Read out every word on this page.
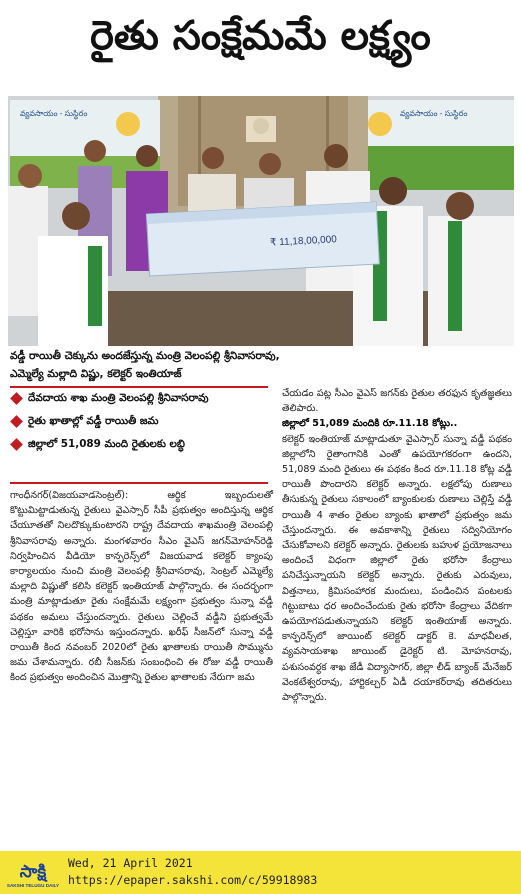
రైతు సంక్షేమమే లక్ష్యం
వ్యవసాయం - సుస్థిరం	వ్యవసాయం - సుస్థిరం
₹ 11,18,00,000
వడ్డీ రాయితీ చెక్కును అందజేస్తున్న మంత్రి వెలంపల్లి శ్రీనివాసరావు,
ఎమ్మెల్యే మల్లాది విష్ణు, కలెక్టర్ ఇంతియాజ్
దేవదాయ శాఖ మంత్రి వెలంపల్లి శ్రీనివాసరావు
రైతు ఖాతాల్లో వడ్డీ రాయితీ జమ
జిల్లాలో 51,089 మంది రైతులకు లబ్ధి

గాంధీనగర్(విజయవాడసెంట్రల్): ఆర్థిక ఇబ్బందులతో కొట్టుమిట్టాడుతున్న రైతులు వైఎస్సార్ సీపీ ప్రభుత్వం అందిస్తున్న ఆర్థిక చేయూతతో నిలదొక్కుకుంటారని రాష్ట్ర దేవదాయ శాఖమంత్రి వెలంపల్లి శ్రీనివాసరావు అన్నారు. మంగళవారం సీఎం వైఎస్ జగన్‌మోహన్‌రెడ్డి నిర్వహించిన వీడియో కాన్ఫరెన్స్‌లో విజయవాడ కలెక్టర్ క్యాంపు కార్యాలయం నుంచి మంత్రి వెలంపల్లి శ్రీనివాసరావు, సెంట్రల్ ఎమ్మెల్యే మల్లాది విష్ణుతో కలిసి కలెక్టర్ ఇంతియాజ్ పాల్గొన్నారు. ఈ సందర్భంగా మంత్రి మాట్లాడుతూ రైతు సంక్షేమమే లక్ష్యంగా ప్రభుత్వం సున్నా వడ్డీ పథకం అమలు చేస్తుందన్నారు. రైతులు చెల్లించే వడ్డీని ప్రభుత్వమే చెల్లిస్తూ వారికి భరోసాను ఇస్తుందన్నారు. ఖరీఫ్ సీజన్‌లో సున్నా వడ్డీ రాయితీ కింద నవంబర్ 2020లో రైతు ఖాతాలకు రాయితీ సొమ్మును జమ చేశామన్నారు. రబీ సీజన్‌కు సంబంధించి ఈ రోజు వడ్డీ రాయితీ కింద ప్రభుత్వం అందించిన మొత్తాన్ని రైతుల ఖాతాలకు నేరుగా జమ

చేయడం పట్ల సీఎం వైఎస్ జగన్‌కు రైతుల తరఫున కృతజ్ఞతలు తెలిపారు.

జిల్లాలో 51,089 మందికి రూ.11.18 కోట్లు..

కలెక్టర్ ఇంతియాజ్ మాట్లాడుతూ వైఎస్సార్ సున్నా వడ్డీ పథకం జిల్లాలోని రైతాంగానికి ఎంతో ఉపయోగకరంగా ఉందని, 51,089 మంది రైతులు ఈ పథకం కింద రూ.11.18 కోట్ల వడ్డీ రాయితీ పొందారని కలెక్టర్ అన్నారు. లక్షలోపు రుణాలు తీసుకున్న రైతులు సకాలంలో బ్యాంకులకు రుణాలు చెల్లిస్తే వడ్డీ రాయితీ 4 శాతం రైతుల బ్యాంకు ఖాతాలో ప్రభుత్వం జమ చేస్తుందన్నారు. ఈ అవకాశాన్ని రైతులు సద్వినియోగం చేసుకోవాలని కలెక్టర్ అన్నారు. రైతులకు బహుళ ప్రయోజనాలు అందించే విధంగా జిల్లాలో రైతు భరోసా కేంద్రాలు పనిచేస్తున్నాయని కలెక్టర్ అన్నారు. రైతుకు ఎరువులు, విత్తనాలు, క్రిమిసంహారక మందులు, పండించిన పంటలకు గిట్టుబాటు ధర అందించేందుకు రైతు భరోసా కేంద్రాలు వేదికగా ఉపయోగపడుతున్నాయని కలెక్టర్ ఇంతియాజ్ అన్నారు. కాన్ఫరెన్స్‌లో జాయింట్ కలెక్టర్ డాక్టర్ కె. మాధవీలత, వ్యవసాయశాఖ జాయింట్ డైరెక్టర్ టి. మోహనరావు, పశుసంవర్ధక శాఖ జేడీ విద్యాసాగర్, జిల్లా లీడ్ బ్యాంక్ మేనేజర్ వెంకటేశ్వరరావు, హార్టికల్చర్ ఏడీ దయాకర్‌రావు తదితరులు పాల్గొన్నారు.

సాక్షి
SAKSHI TELUGU DAILY
Wed, 21 April 2021
https://epaper.sakshi.com/c/59918983
